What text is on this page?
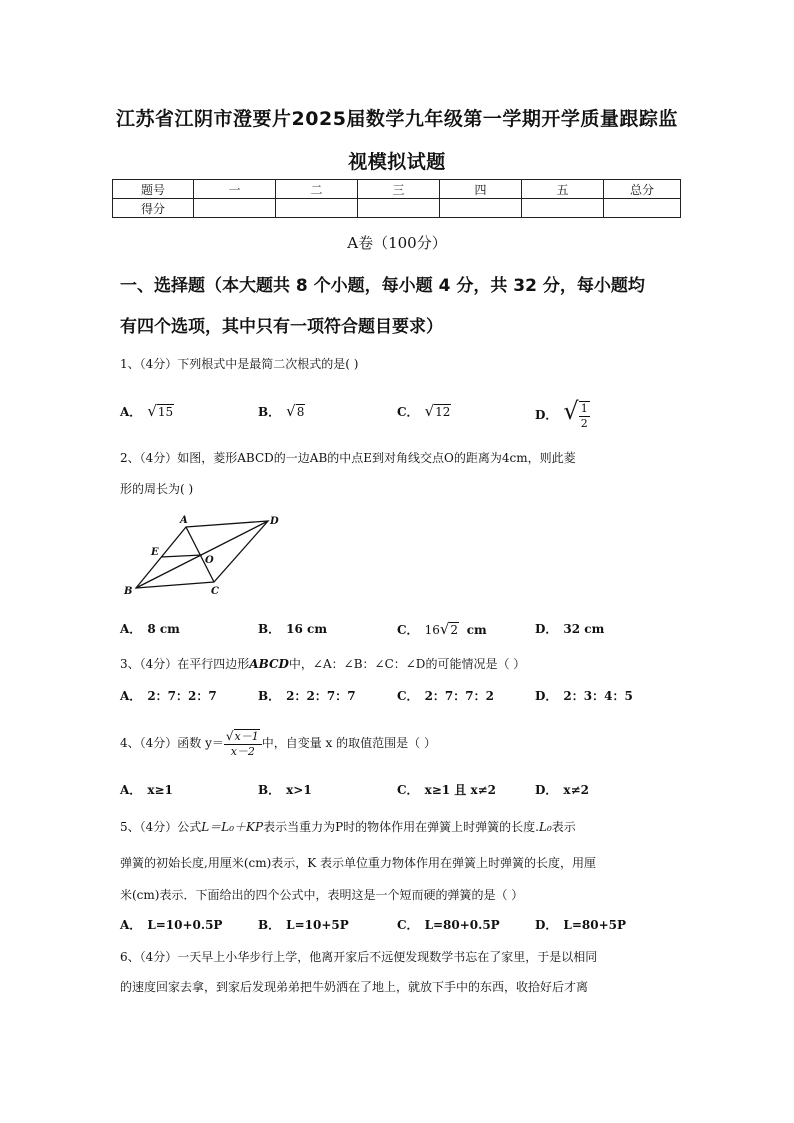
江苏省江阴市澄要片2025届数学九年级第一学期开学质量跟踪监
视模拟试题
题号	一	二	三	四	五	总分
得分						
A卷（100分）
一、选择题（本大题共 8 个小题，每小题 4 分，共 32 分，每小题均
有四个选项，其中只有一项符合题目要求）
1、（4分）下列根式中是最简二次根式的是( )
A． √15	B． √8	C． √12	D． √ $\frac{1}{2}$
2、（4分）如图，菱形ABCD的一边AB的中点E到对角线交点O的距离为4cm，则此菱
形的周长为( )
A	D
E
O
B	C
A． 8 cm	B． 16 cm	C． 16√2 cm	D． 32 cm
3、（4分）在平行四边形ABCD中，∠A：∠B：∠C：∠D的可能情况是（ ）
A． 2：7：2：7	B． 2：2：7：7	C． 2：7：7：2	D． 2：3：4：5
4、（4分）函数 $y= \frac{√x-1}{x-2}$ 中，自变量 x 的取值范围是（ ）
A． x≥1	B． x>1	C． x≥1 且 x≠2	D． x≠2
5、（4分）公式L＝L₀＋KP表示当重力为P时的物体作用在弹簧上时弹簧的长度.L₀表示
弹簧的初始长度,用厘米(cm)表示，K 表示单位重力物体作用在弹簧上时弹簧的长度，用厘
米(cm)表示．下面给出的四个公式中，表明这是一个短而硬的弹簧的是（ ）
A． L=10+0.5P	B． L=10+5P	C． L=80+0.5P	D． L=80+5P
6、（4分）一天早上小华步行上学，他离开家后不远便发现数学书忘在了家里，于是以相同
的速度回家去拿，到家后发现弟弟把牛奶洒在了地上，就放下手中的东西，收拾好后才离
